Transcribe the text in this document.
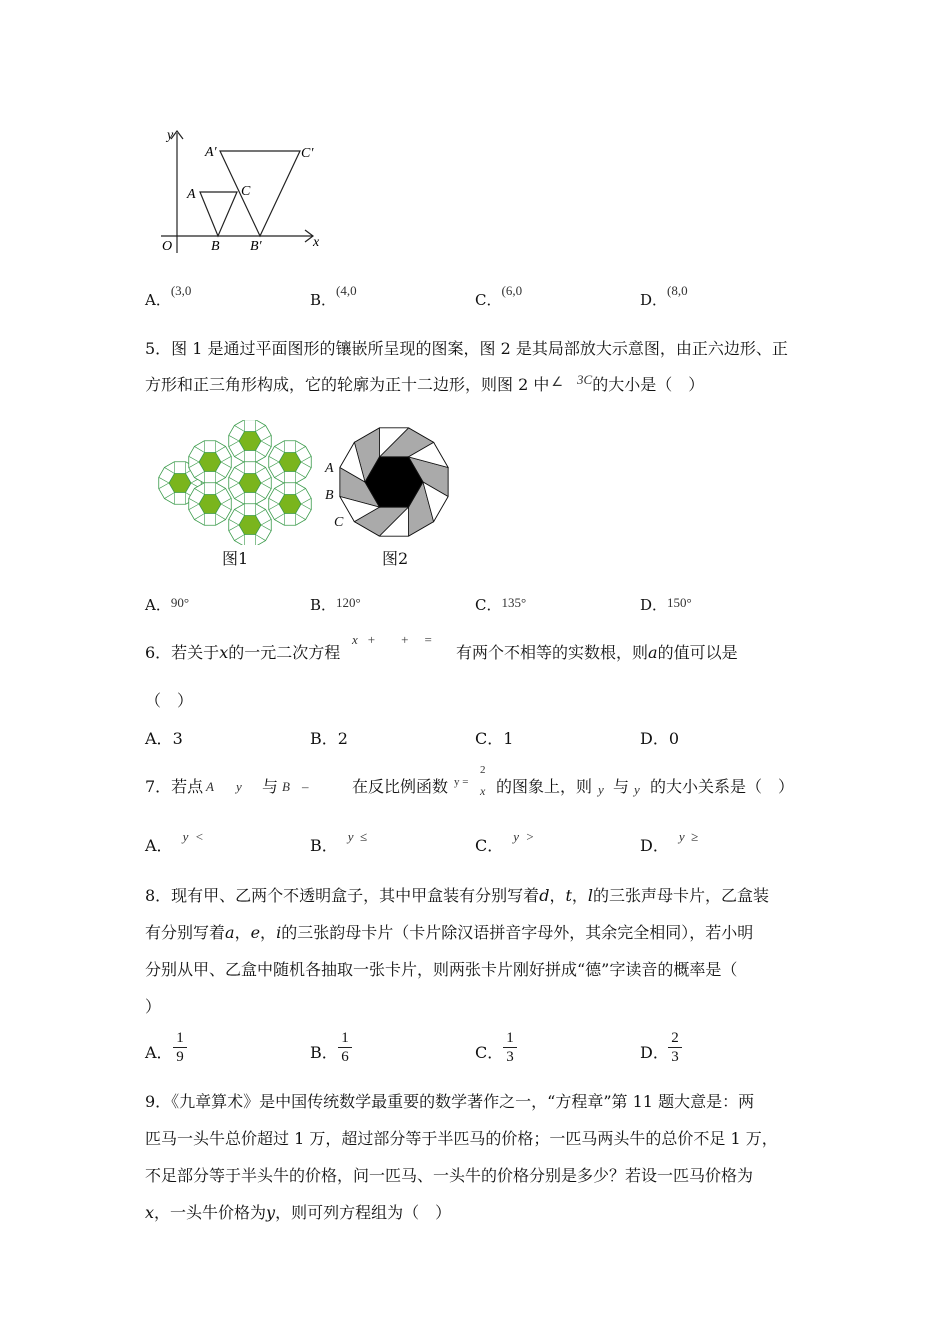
y
x
O
A
B
C
A′
B′
C′
A．$^{(3,0}$
B．$^{(4,0}$
C．$^{(6,0}$
D．$^{(8,0}$
5．图 1 是通过平面图形的镶嵌所呈现的图案，图 2 是其局部放大示意图，由正六边形、正
方形和正三角形构成，它的轮廓为正十二边形，则图 2 中 ∠ $^{3C}$的大小是（　）
图1
A
B
C
图2
A．90°	B．120°	C．135°	D．150°
6．若关于x的一元二次方程
x + + =
有两个不相等的实数根，则a的值可以是
（　）
A．3	B．2	C．1	D．0
7．若点 A y 与 B –	在反比例函数 y =
2
x 的图象上，则 y 与 y 的大小关系是（　）
A． $^{y <}$	B． $^{y \le}$	C． $^{y >}$	D． $^{y \ge}$
8．现有甲、乙两个不透明盒子，其中甲盒装有分别写着d，t，l的三张声母卡片，乙盒装
有分别写着a，e，i的三张韵母卡片（卡片除汉语拼音字母外，其余完全相同），若小明
分别从甲、乙盒中随机各抽取一张卡片，则两张卡片刚好拼成“德”字读音的概率是（
）
A．
1
9	B．
1
6	C．
1
3	D．
2
3
9．《九章算术》是中国传统数学最重要的数学著作之一，“方程章”第 11 题大意是：两
匹马一头牛总价超过 1 万，超过部分等于半匹马的价格；一匹马两头牛的总价不足 1 万，
不足部分等于半头牛的价格，问一匹马、一头牛的价格分别是多少？若设一匹马价格为
x，一头牛价格为y，则可列方程组为（　）
